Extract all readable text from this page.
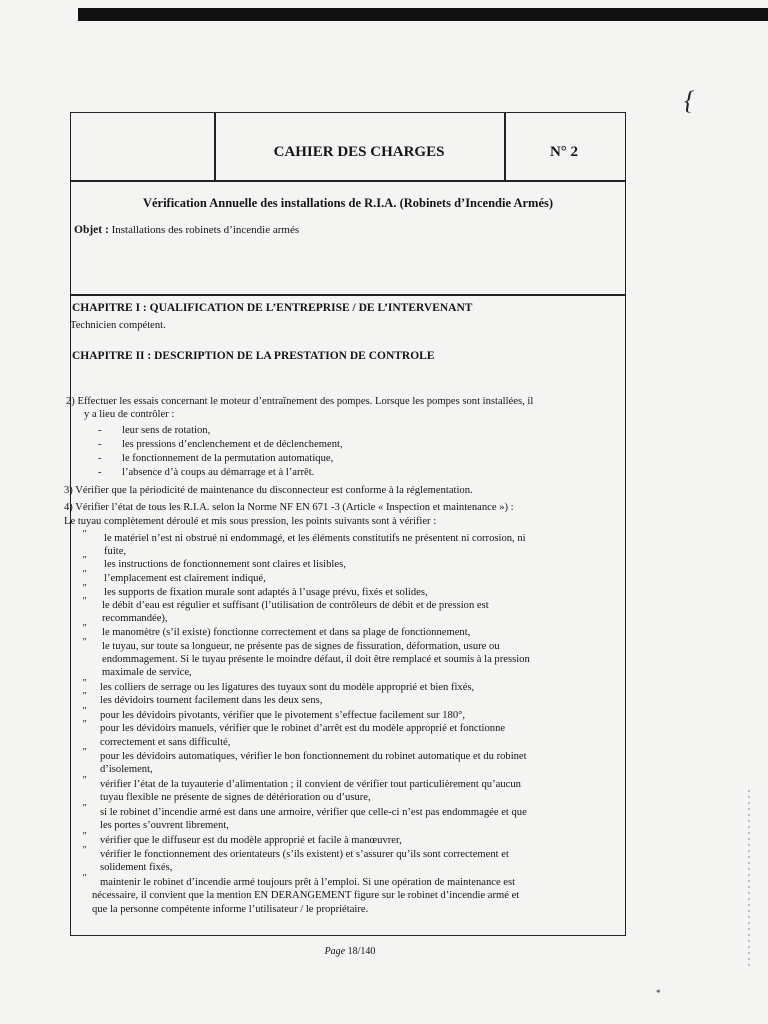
{
CAHIER DES CHARGES	N° 2
Vérification Annuelle des installations de R.I.A. (Robinets d’Incendie Armés)
Objet : Installations des robinets d’incendie armés
CHAPITRE I : QUALIFICATION DE L’ENTREPRISE / DE L’INTERVENANT
Technicien compétent.
CHAPITRE II : DESCRIPTION DE LA PRESTATION DE CONTROLE
2) Effectuer les essais concernant le moteur d’entraînement des pompes. Lorsque les pompes sont installées, il
y a lieu de contrôler :
- leur sens de rotation,
- les pressions d’enclenchement et de déclenchement,
- le fonctionnement de la permutation automatique,
- l’absence d’à coups au démarrage et à l’arrêt.
3) Vérifier que la périodicité de maintenance du disconnecteur est conforme à la réglementation.
4) Vérifier l’état de tous les R.I.A. selon la Norme NF EN 671 -3 (Article « Inspection et maintenance ») :
Le tuyau complètement déroulé et mis sous pression, les points suivants sont à vérifier :
le matériel n’est ni obstrué ni endommagé, et les éléments constitutifs ne présentent ni corrosion, ni
″
fuite,
les instructions de fonctionnement sont claires et lisibles,
″
l’emplacement est clairement indiqué,
″
les supports de fixation murale sont adaptés à l’usage prévu, fixés et solides,
″
le débit d’eau est régulier et suffisant (l’utilisation de contrôleurs de débit et de pression est
″
recommandée),
le manomètre (s’il existe) fonctionne correctement et dans sa plage de fonctionnement,
″
le tuyau, sur toute sa longueur, ne présente pas de signes de fissuration, déformation, usure ou
″
endommagement. Si le tuyau présente le moindre défaut, il doit être remplacé et soumis à la pression
maximale de service,
les colliers de serrage ou les ligatures des tuyaux sont du modèle approprié et bien fixés,
″
les dévidoirs tournent facilement dans les deux sens,
″
pour les dévidoirs pivotants, vérifier que le pivotement s’effectue facilement sur 180°,
″
pour les dévidoirs manuels, vérifier que le robinet d’arrêt est du modèle approprié et fonctionne
″
correctement et sans difficulté,
pour les dévidoirs automatiques, vérifier le bon fonctionnement du robinet automatique et du robinet
″
d’isolement,
vérifier l’état de la tuyauterie d’alimentation ; il convient de vérifier tout particulièrement qu’aucun
″
tuyau flexible ne présente de signes de détérioration ou d’usure,
si le robinet d’incendie armé est dans une armoire, vérifier que celle-ci n’est pas endommagée et que
″
les portes s’ouvrent librement,
vérifier que le diffuseur est du modèle approprié et facile à manœuvrer,
″
vérifier le fonctionnement des orientateurs (s’ils existent) et s’assurer qu’ils sont correctement et
″
solidement fixés,
maintenir le robinet d’incendie armé toujours prêt à l’emploi. Si une opération de maintenance est
″
nécessaire, il convient que la mention EN DERANGEMENT figure sur le robinet d’incendie armé et
que la personne compétente informe l’utilisateur / le propriétaire.
Page 18/140
*
